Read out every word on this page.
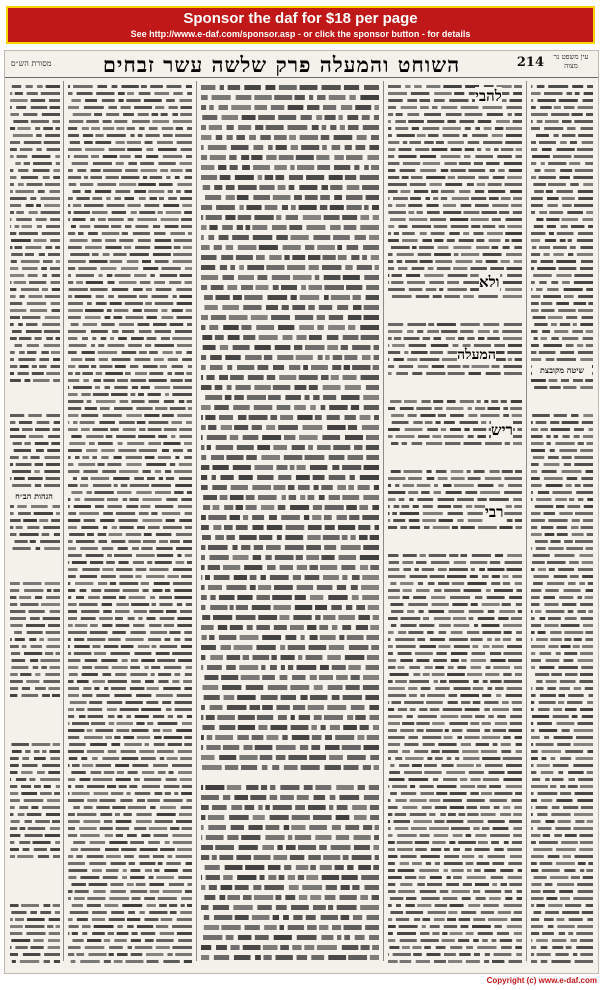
Sponsor the daf for $18 per page
See http://www.e-daf.com/sponsor.asp - or click the sponsor button - for details
מסורת הש״ס	השוחט והמעלה פרק שלשה עשר זבחים	214	עין משפט נר מצוה
שיטה מקובצת
הגהות הב״ח
להבי
ולא
המעלה
ריש
רבי
Copyright (c) www.e-daf.com
